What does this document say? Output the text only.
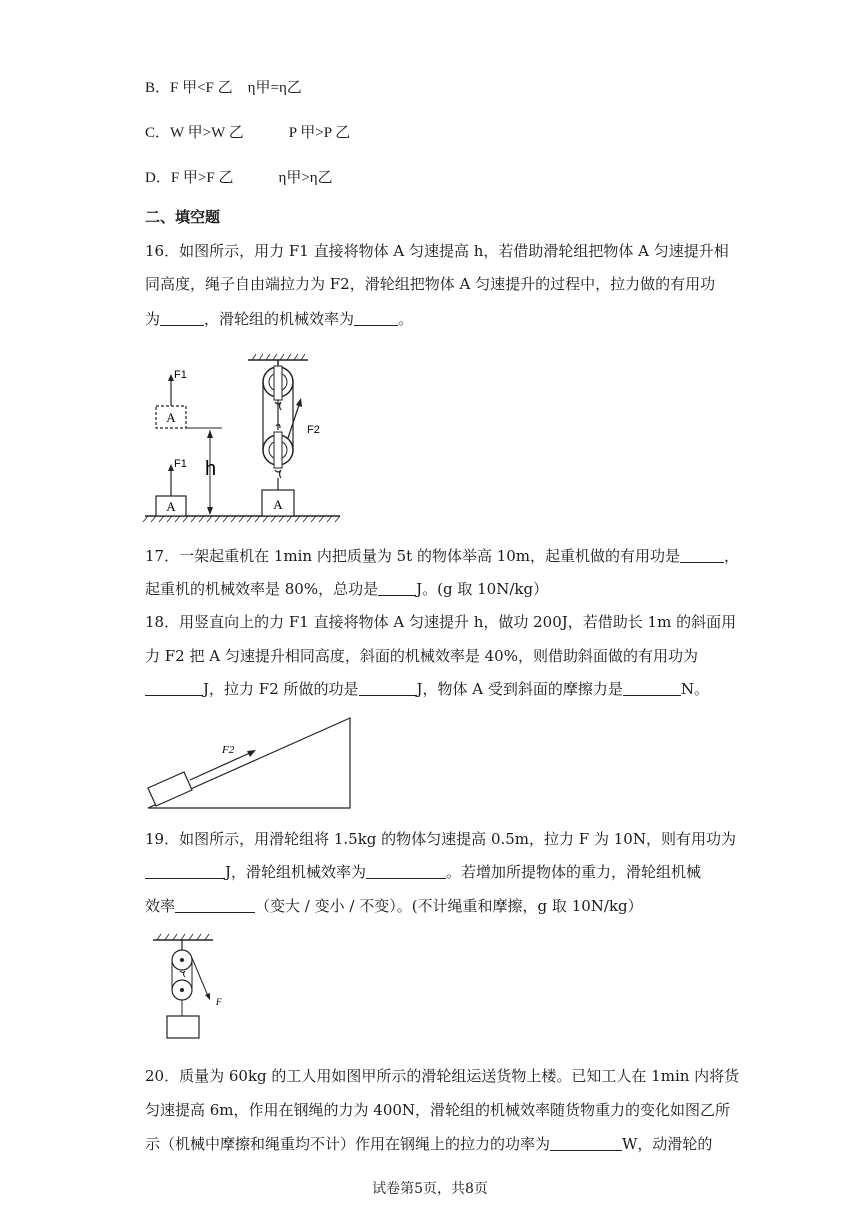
B．F 甲<F 乙　η甲=η乙
C．W 甲>W 乙　　　P 甲>P 乙
D．F 甲>F 乙　　　η甲>η乙
二、填空题
16．如图所示，用力 F1 直接将物体 A 匀速提高 h，若借助滑轮组把物体 A 匀速提升相
同高度，绳子自由端拉力为 F2，滑轮组把物体 A 匀速提升的过程中，拉力做的有用功
为	，滑轮组的机械效率为	。
A
F1
A
F1
h
F2
A
17．一架起重机在 1min 内把质量为 5t 的物体举高 10m，起重机做的有用功是	，
起重机的机械效率是 80%，总功是	J。(g 取 10N/kg）
18．用竖直向上的力 F1 直接将物体 A 匀速提升 h，做功 200J，若借助长 1m 的斜面用
力 F2 把 A 匀速提升相同高度，斜面的机械效率是 40%，则借助斜面做的有用功为
J，拉力 F2 所做的功是	J，物体 A 受到斜面的摩擦力是	N。
F2
19．如图所示，用滑轮组将 1.5kg 的物体匀速提高 0.5m，拉力 F 为 10N，则有用功为
J，滑轮组机械效率为	。若增加所提物体的重力，滑轮组机械
效率	（变大 / 变小 / 不变）。(不计绳重和摩擦，g 取 10N/kg）
F
20．质量为 60kg 的工人用如图甲所示的滑轮组运送货物上楼。已知工人在 1min 内将货
匀速提高 6m，作用在钢绳的力为 400N，滑轮组的机械效率随货物重力的变化如图乙所
示（机械中摩擦和绳重均不计）作用在钢绳上的拉力的功率为	W，动滑轮的
试卷第5页，共8页
